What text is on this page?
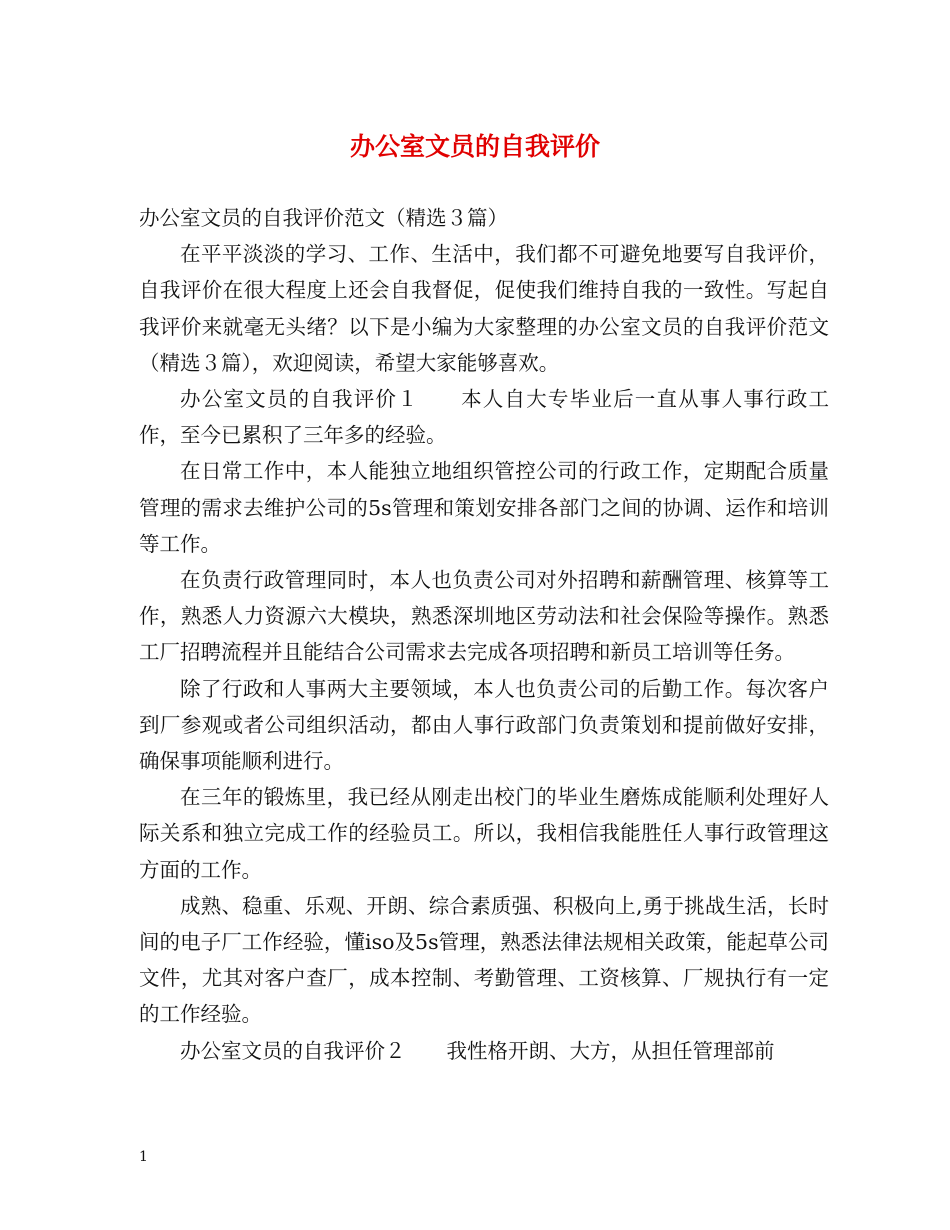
办公室文员的自我评价

办公室文员的自我评价范文（精选３篇）

在平平淡淡的学习、工作、生活中，我们都不可避免地要写自我评价，自我评价在很大程度上还会自我督促，促使我们维持自我的一致性。写起自我评价来就毫无头绪？以下是小编为大家整理的办公室文员的自我评价范文（精选３篇），欢迎阅读，希望大家能够喜欢。

办公室文员的自我评价１ 本人自大专毕业后一直从事人事行政工作，至今已累积了三年多的经验。

在日常工作中，本人能独立地组织管控公司的行政工作，定期配合质量管理的需求去维护公司的5s管理和策划安排各部门之间的协调、运作和培训等工作。

在负责行政管理同时，本人也负责公司对外招聘和薪酬管理、核算等工作，熟悉人力资源六大模块，熟悉深圳地区劳动法和社会保险等操作。熟悉工厂招聘流程并且能结合公司需求去完成各项招聘和新员工培训等任务。

除了行政和人事两大主要领域，本人也负责公司的后勤工作。每次客户到厂参观或者公司组织活动，都由人事行政部门负责策划和提前做好安排，确保事项能顺利进行。

在三年的锻炼里，我已经从刚走出校门的毕业生磨炼成能顺利处理好人际关系和独立完成工作的经验员工。所以，我相信我能胜任人事行政管理这方面的工作。

成熟、稳重、乐观、开朗、综合素质强、积极向上,勇于挑战生活，长时间的电子厂工作经验，懂iso及5s管理，熟悉法律法规相关政策，能起草公司文件，尤其对客户查厂，成本控制、考勤管理、工资核算、厂规执行有一定的工作经验。

办公室文员的自我评价２ 我性格开朗、大方，从担任管理部前

1
